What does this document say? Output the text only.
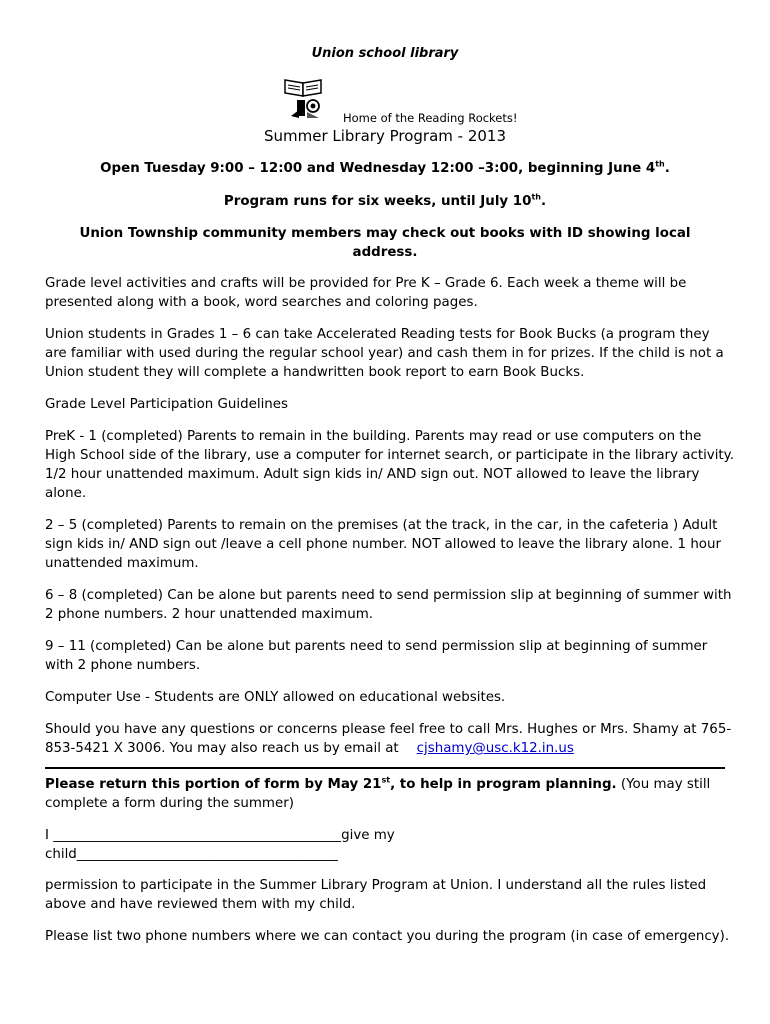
Union school library
Home of the Reading Rockets!
Summer Library Program - 2013
Open Tuesday 9:00 – 12:00 and Wednesday 12:00 –3:00, beginning June 4th.
Program runs for six weeks, until July 10th.
Union Township community members may check out books with ID showing local address.
Grade level activities and crafts will be provided for Pre K – Grade 6. Each week a theme will be presented along with a book, word searches and coloring pages.
Union students in Grades 1 – 6 can take Accelerated Reading tests for Book Bucks (a program they are familiar with used during the regular school year) and cash them in for prizes. If the child is not a Union student they will complete a handwritten book report to earn Book Bucks.
Grade Level Participation Guidelines
PreK - 1 (completed) Parents to remain in the building. Parents may read or use computers on the High School side of the library, use a computer for internet search, or participate in the library activity. 1/2 hour unattended maximum. Adult sign kids in/ AND sign out. NOT allowed to leave the library alone.
2 – 5 (completed) Parents to remain on the premises (at the track, in the car, in the cafeteria ) Adult sign kids in/ AND sign out /leave a cell phone number. NOT allowed to leave the library alone. 1 hour unattended maximum.
6 – 8 (completed) Can be alone but parents need to send permission slip at beginning of summer with 2 phone numbers. 2 hour unattended maximum.
9 – 11 (completed) Can be alone but parents need to send permission slip at beginning of summer with 2 phone numbers.
Computer Use - Students are ONLY allowed on educational websites.
Should you have any questions or concerns please feel free to call Mrs. Hughes or Mrs. Shamy at 765-853-5421 X 3006. You may also reach us by email at cjshamy@usc.k12.in.us
Please return this portion of form by May 21st, to help in program planning. (You may still complete a form during the summer)
I ___________________________________________give my
child_______________________________________
permission to participate in the Summer Library Program at Union. I understand all the rules listed above and have reviewed them with my child.
Please list two phone numbers where we can contact you during the program (in case of emergency).
